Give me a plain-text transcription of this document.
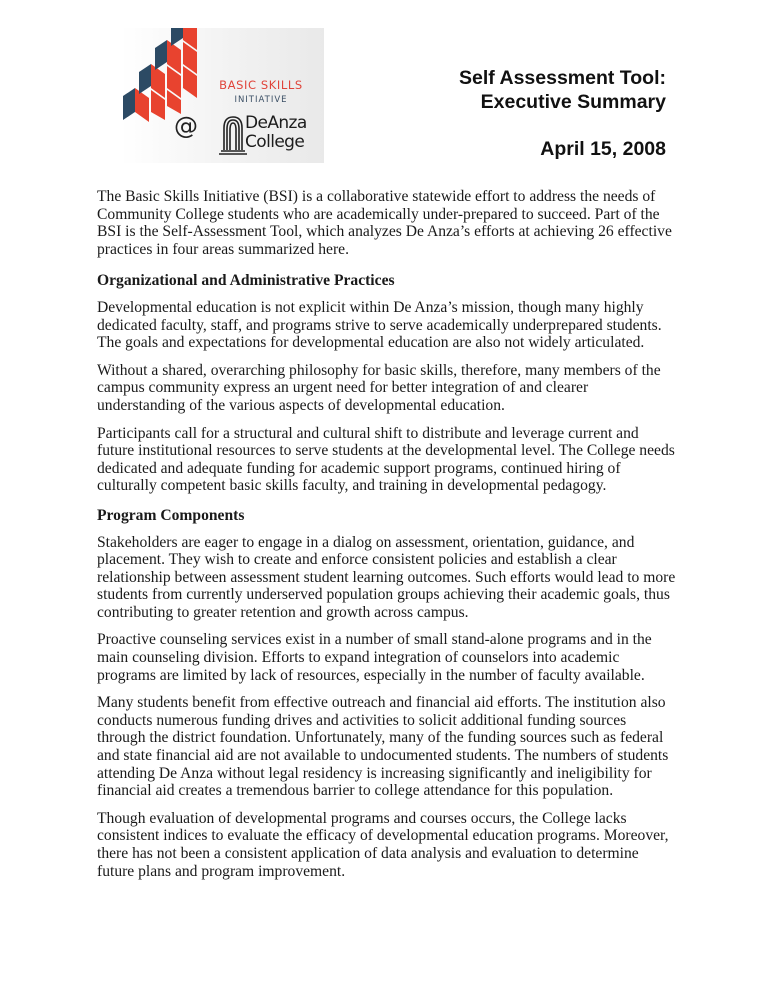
BASIC SKILLS
INITIATIVE
@	DeAnza
College
Self Assessment Tool:
Executive Summary
April 15, 2008

The Basic Skills Initiative (BSI) is a collaborative statewide effort to address the needs of Community College students who are academically under-prepared to succeed. Part of the BSI is the Self-Assessment Tool, which analyzes De Anza’s efforts at achieving 26 effective practices in four areas summarized here.

Organizational and Administrative Practices

Developmental education is not explicit within De Anza’s mission, though many highly dedicated faculty, staff, and programs strive to serve academically underprepared students. The goals and expectations for developmental education are also not widely articulated.

Without a shared, overarching philosophy for basic skills, therefore, many members of the campus community express an urgent need for better integration of and clearer understanding of the various aspects of developmental education.

Participants call for a structural and cultural shift to distribute and leverage current and future institutional resources to serve students at the developmental level. The College needs dedicated and adequate funding for academic support programs, continued hiring of culturally competent basic skills faculty, and training in developmental pedagogy.

Program Components

Stakeholders are eager to engage in a dialog on assessment, orientation, guidance, and placement. They wish to create and enforce consistent policies and establish a clear relationship between assessment student learning outcomes. Such efforts would lead to more students from currently underserved population groups achieving their academic goals, thus contributing to greater retention and growth across campus.

Proactive counseling services exist in a number of small stand-alone programs and in the main counseling division. Efforts to expand integration of counselors into academic programs are limited by lack of resources, especially in the number of faculty available.

Many students benefit from effective outreach and financial aid efforts. The institution also conducts numerous funding drives and activities to solicit additional funding sources through the district foundation. Unfortunately, many of the funding sources such as federal and state financial aid are not available to undocumented students. The numbers of students attending De Anza without legal residency is increasing significantly and ineligibility for financial aid creates a tremendous barrier to college attendance for this population.

Though evaluation of developmental programs and courses occurs, the College lacks consistent indices to evaluate the efficacy of developmental education programs. Moreover, there has not been a consistent application of data analysis and evaluation to determine future plans and program improvement.
